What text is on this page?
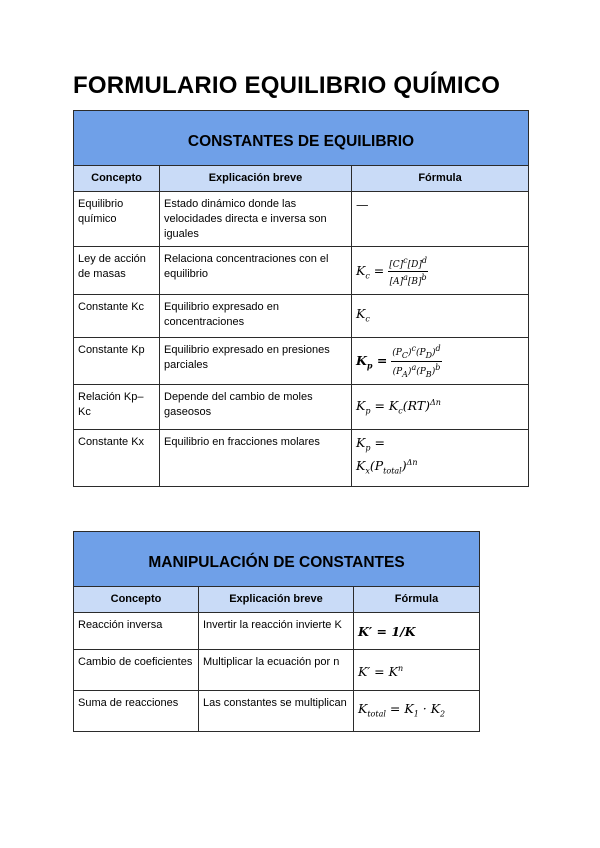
FORMULARIO EQUILIBRIO QUÍMICO
CONSTANTES DE EQUILIBRIO		
Concepto	Explicación breve	Fórmula
Equilibrio químico	Estado dinámico donde las velocidades directa e inversa son iguales	—
Ley de acción de masas	Relaciona concentraciones con el equilibrio	$K_c = \frac{[C]^c[D]^d}{[A]^a[B]^b}$

Constante Kc	Equilibrio expresado en concentraciones	$K_c$
Constante Kp	Equilibrio expresado en presiones parciales	$K_p = \frac{(P_C)^c(P_D)^d}{(P_A)^a(P_B)^b}$

Relación Kp–Kc	Depende del cambio de moles gaseosos	$K_p = K_c(RT)^{\Delta n}$
Constante Kx	Equilibrio en fracciones molares	$K_p$ =
$K_x(P_{total})^{\Delta n}$
MANIPULACIÓN DE CONSTANTES		
Concepto	Explicación breve	Fórmula
Reacción inversa	Invertir la reacción invierte K	K′ = 1/K
Cambio de coeficientes	Multiplicar la ecuación por n	$K' = K^n$
Suma de reacciones	Las constantes se multiplican	$K_{total} = K_1 \cdot K_2$
